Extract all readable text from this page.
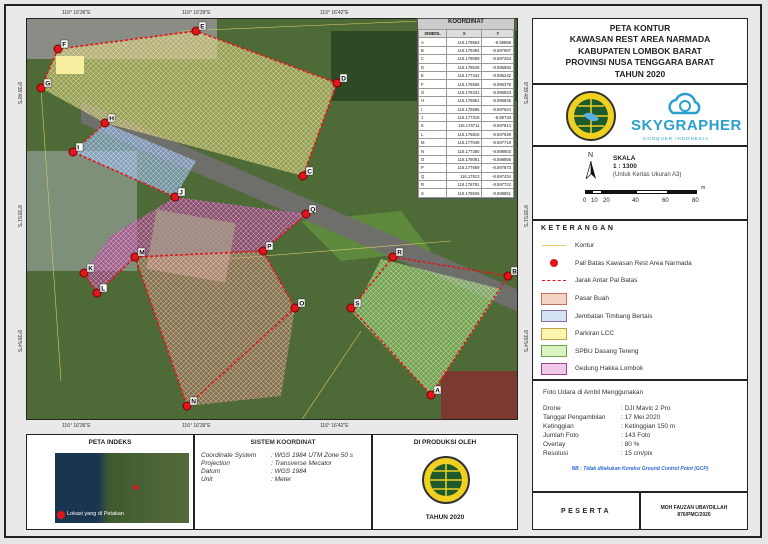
116° 16'36"E	116° 16'39"E	116° 16'42"E
116° 16'36"E	116° 16'39"E	116° 16'42"E
8°35'48"S
8°35'51"S
8°35'54"S
8°35'48"S
8°35'51"S
8°35'54"S
A
B
C
D
E
F
G
H
I
J
K
L
M
N
O
P
Q
R
S
KOORDINAT
SIMBOL	X	Y
A	116.178563	-8.59859
B	116.179494	-8.597907
C	116.178089	-8.597254
D	116.178549	-8.596993
E	116.177442	-8.596242
F	116.176555	-8.596378
G	116.178431	-8.596823
H	116.176851	-8.596845
I	116.176585	-8.597624
J	116.177319	-8.59733
K	116.176711	-8.597814
L	116.176815	-8.597928
M	116.177048	-8.597719
N	116.177380	-8.598603
O	116.178081	-8.598856
P	116.177659	-8.597873
Q	116.17813	-8.597434
R	116.178781	-8.597722
S	116.178626	-8.598851
SKYGRAPHER
CONQUER INDONESIA
PETA KONTUR
KAWASAN REST AREA NARMADA
KABUPATEN LOMBOK BARAT
PROVINSI NUSA TENGGARA BARAT
TAHUN 2020
N	SKALA
1 : 1300
(Untuk Kertas Ukuran A3)
m
0 10 20	40	60	80
KETERANGAN
Kontur
Pall Batas Kawasan Rest Area Narmada
Jarak Antar Pal Batas
Pasar Buah
Jembatan Timbang Bertais
Parkiran LCC
SPBU Dasang Tereng
Gedung Hakka Lombok
Foto Udara di Ambil Menggunakan
Drone	: DJI Mavic 2 Pro
Tanggal Pengambilan	: 17 Mei 2020
Ketinggian	: Ketinggian 150 m
Jumlah Foto	: 143 Foto
Overlay	: 80 %
Resolusi	: 15 cm/pix
NB : Tidak dilakukan Koreksi Ground Control Point (GCP)
PESERTA	MOH FAUZAN UBAYDILLAH
876/PMC/2020
PETA INDEKS
Lokasi yang di Petakan
SISTEM KOORDINAT
Coordinate System	: WGS 1984 UTM Zone 50 s
Projection	: Transverse Mecator
Datum	: WGS 1984
Unit	: Meter
DI PRODUKSI OLEH
TAHUN 2020
